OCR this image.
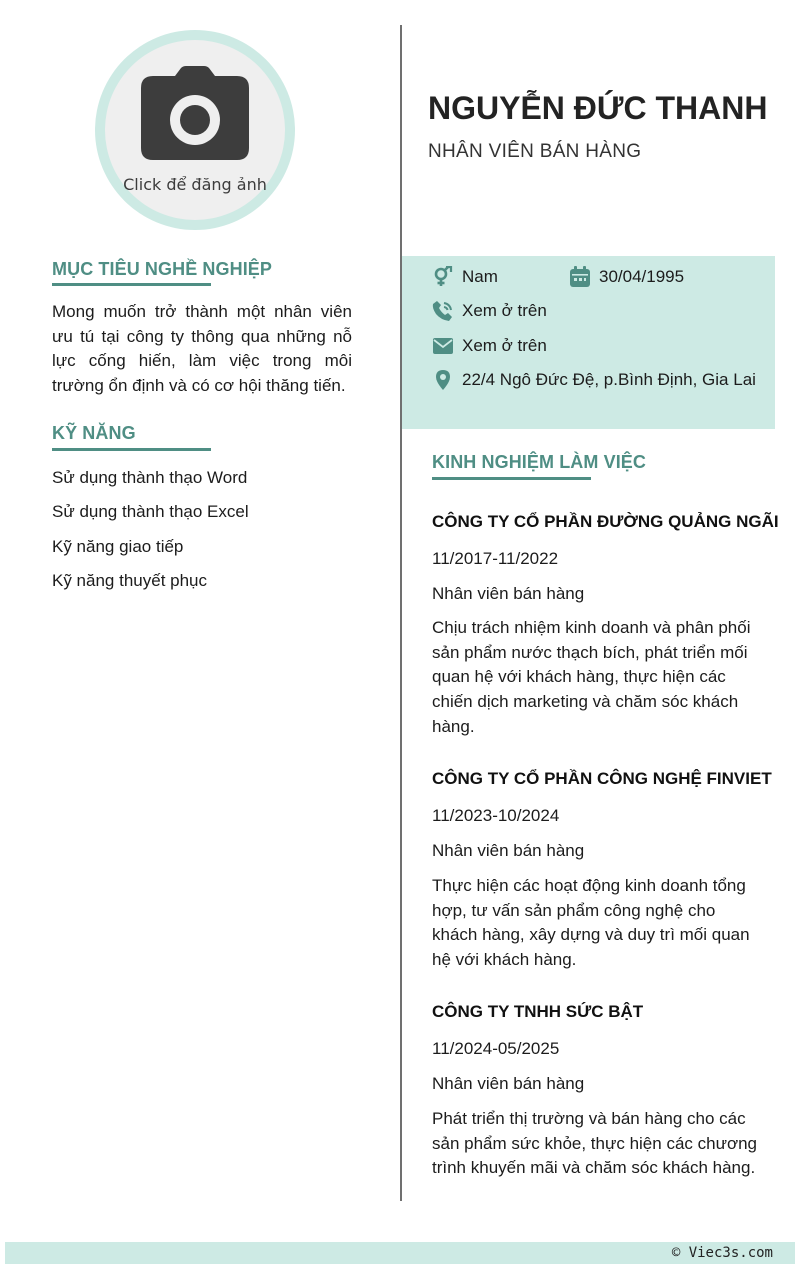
Click để đăng ảnh
MỤC TIÊU NGHỀ NGHIỆP
Mong muốn trở thành một nhân viên ưu tú tại công ty thông qua những nỗ lực cống hiến, làm việc trong môi trường ổn định và có cơ hội thăng tiến.
KỸ NĂNG
Sử dụng thành thạo Word
Sử dụng thành thạo Excel
Kỹ năng giao tiếp
Kỹ năng thuyết phục
NGUYỄN ĐỨC THANH
NHÂN VIÊN BÁN HÀNG
Nam	30/04/1995
Xem ở trên
Xem ở trên
22/4 Ngô Đức Đệ, p.Bình Định, Gia Lai
KINH NGHIỆM LÀM VIỆC
CÔNG TY CỔ PHẦN ĐƯỜNG QUẢNG NGÃI
11/2017-11/2022
Nhân viên bán hàng
Chịu trách nhiệm kinh doanh và phân phối sản phẩm nước thạch bích, phát triển mối quan hệ với khách hàng, thực hiện các chiến dịch marketing và chăm sóc khách hàng.
CÔNG TY CỔ PHẦN CÔNG NGHỆ FINVIET
11/2023-10/2024
Nhân viên bán hàng
Thực hiện các hoạt động kinh doanh tổng hợp, tư vấn sản phẩm công nghệ cho khách hàng, xây dựng và duy trì mối quan hệ với khách hàng.
CÔNG TY TNHH SỨC BẬT
11/2024-05/2025
Nhân viên bán hàng
Phát triển thị trường và bán hàng cho các sản phẩm sức khỏe, thực hiện các chương trình khuyến mãi và chăm sóc khách hàng.
© Viec3s.com
